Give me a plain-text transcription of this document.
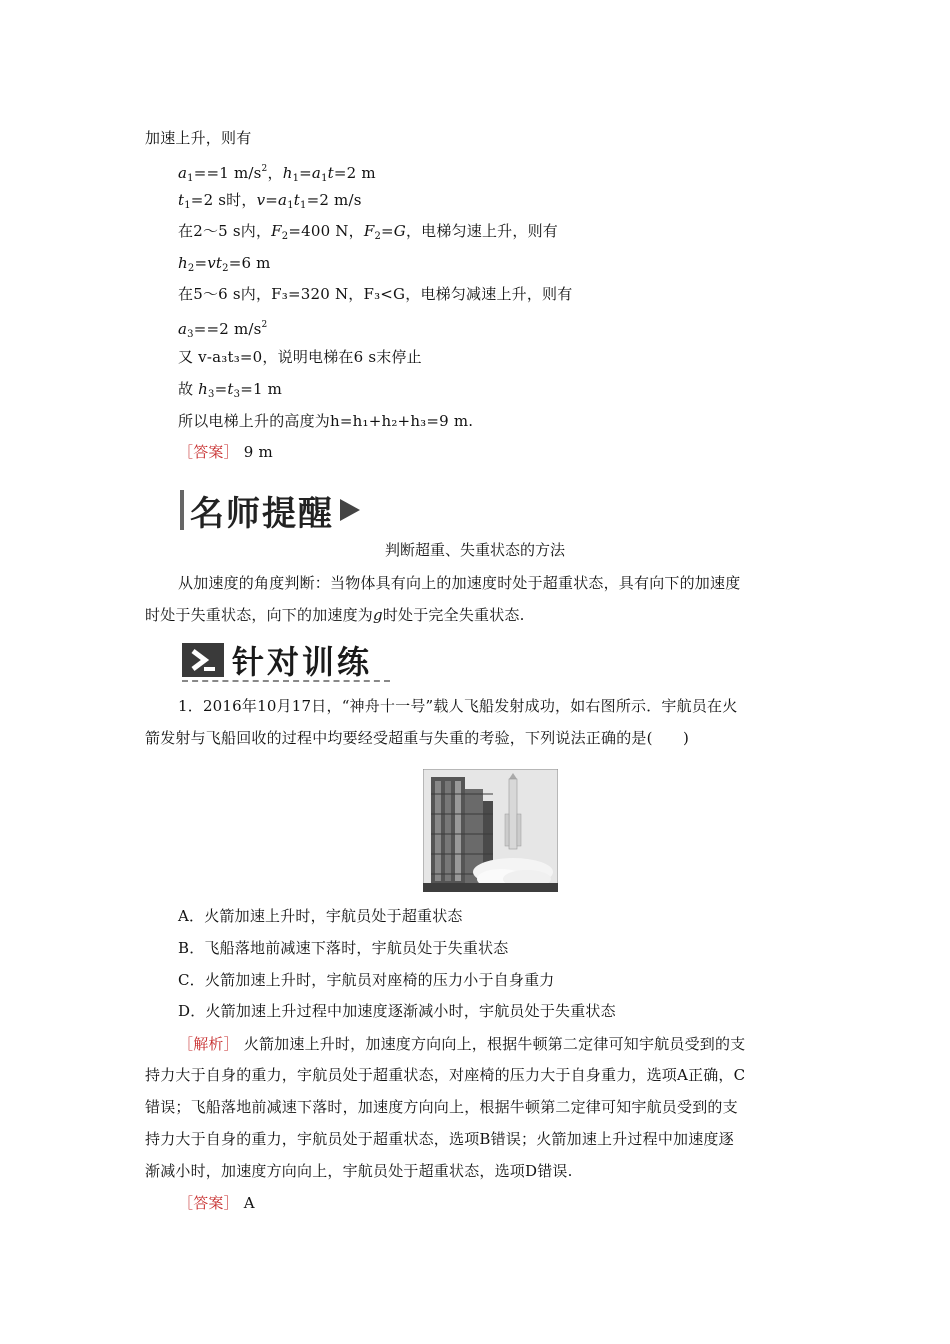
加速上升，则有
$a_1==1$ $m/s^2$，$h_1=a_1t=2$ m
$t_1=2$ s时，$v=a_1t_1=2$ m/s
在2～5 s内，$F_2=400$ N，$F_2=G$，电梯匀速上升，则有
$h_2=vt_2=6$ m
在5～6 s内，F₃=320 N，F₃<G，电梯匀减速上升，则有
$a_3==2$ $m/s^2$
又 v-a₃t₃=0，说明电梯在6 s末停止
故 $h_3=t_3=1$ m
所以电梯上升的高度为h=h₁+h₂+h₃=9 m.
［答案］ 9 m
名师提醒
判断超重、失重状态的方法
从加速度的角度判断：当物体具有向上的加速度时处于超重状态，具有向下的加速度
时处于失重状态，向下的加速度为g时处于完全失重状态.
针对训练
1．2016年10月17日，“神舟十一号”载人飞船发射成功，如右图所示．宇航员在火
箭发射与飞船回收的过程中均要经受超重与失重的考验，下列说法正确的是(　　)
A．火箭加速上升时，宇航员处于超重状态
B．飞船落地前减速下落时，宇航员处于失重状态
C．火箭加速上升时，宇航员对座椅的压力小于自身重力
D．火箭加速上升过程中加速度逐渐减小时，宇航员处于失重状态
［解析］ 火箭加速上升时，加速度方向向上，根据牛顿第二定律可知宇航员受到的支
持力大于自身的重力，宇航员处于超重状态，对座椅的压力大于自身重力，选项A正确，C
错误；飞船落地前减速下落时，加速度方向向上，根据牛顿第二定律可知宇航员受到的支
持力大于自身的重力，宇航员处于超重状态，选项B错误；火箭加速上升过程中加速度逐
渐减小时，加速度方向向上，宇航员处于超重状态，选项D错误.
［答案］ A
